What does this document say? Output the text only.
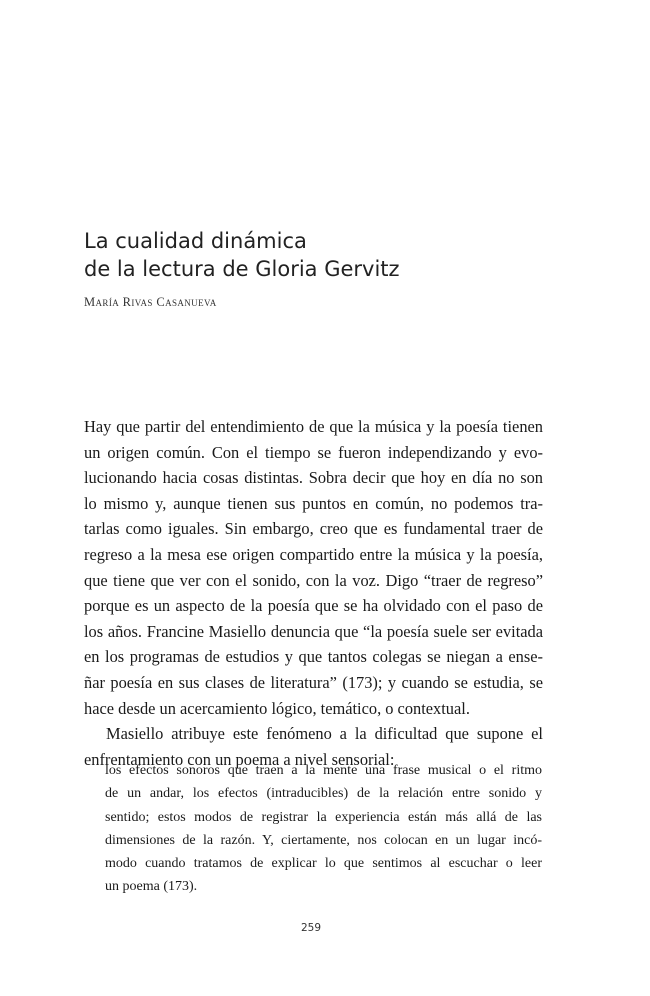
La cualidad dinámica
de la lectura de Gloria Gervitz
María Rivas Casanueva
Hay que partir del entendimiento de que la música y la poesía tienen
un origen común. Con el tiempo se fueron independizando y evo-
lucionando hacia cosas distintas. Sobra decir que hoy en día no son
lo mismo y, aunque tienen sus puntos en común, no podemos tra-
tarlas como iguales. Sin embargo, creo que es fundamental traer de
regreso a la mesa ese origen compartido entre la música y la poesía,
que tiene que ver con el sonido, con la voz. Digo “traer de regreso”
porque es un aspecto de la poesía que se ha olvidado con el paso de
los años. Francine Masiello denuncia que “la poesía suele ser evitada
en los programas de estudios y que tantos colegas se niegan a ense-
ñar poesía en sus clases de literatura” (173); y cuando se estudia, se
hace desde un acercamiento lógico, temático, o contextual.
Masiello atribuye este fenómeno a la dificultad que supone el
enfrentamiento con un poema a nivel sensorial:
los efectos sonoros que traen a la mente una frase musical o el ritmo
de un andar, los efectos (intraducibles) de la relación entre sonido y
sentido; estos modos de registrar la experiencia están más allá de las
dimensiones de la razón. Y, ciertamente, nos colocan en un lugar incó-
modo cuando tratamos de explicar lo que sentimos al escuchar o leer
un poema (173).
259
